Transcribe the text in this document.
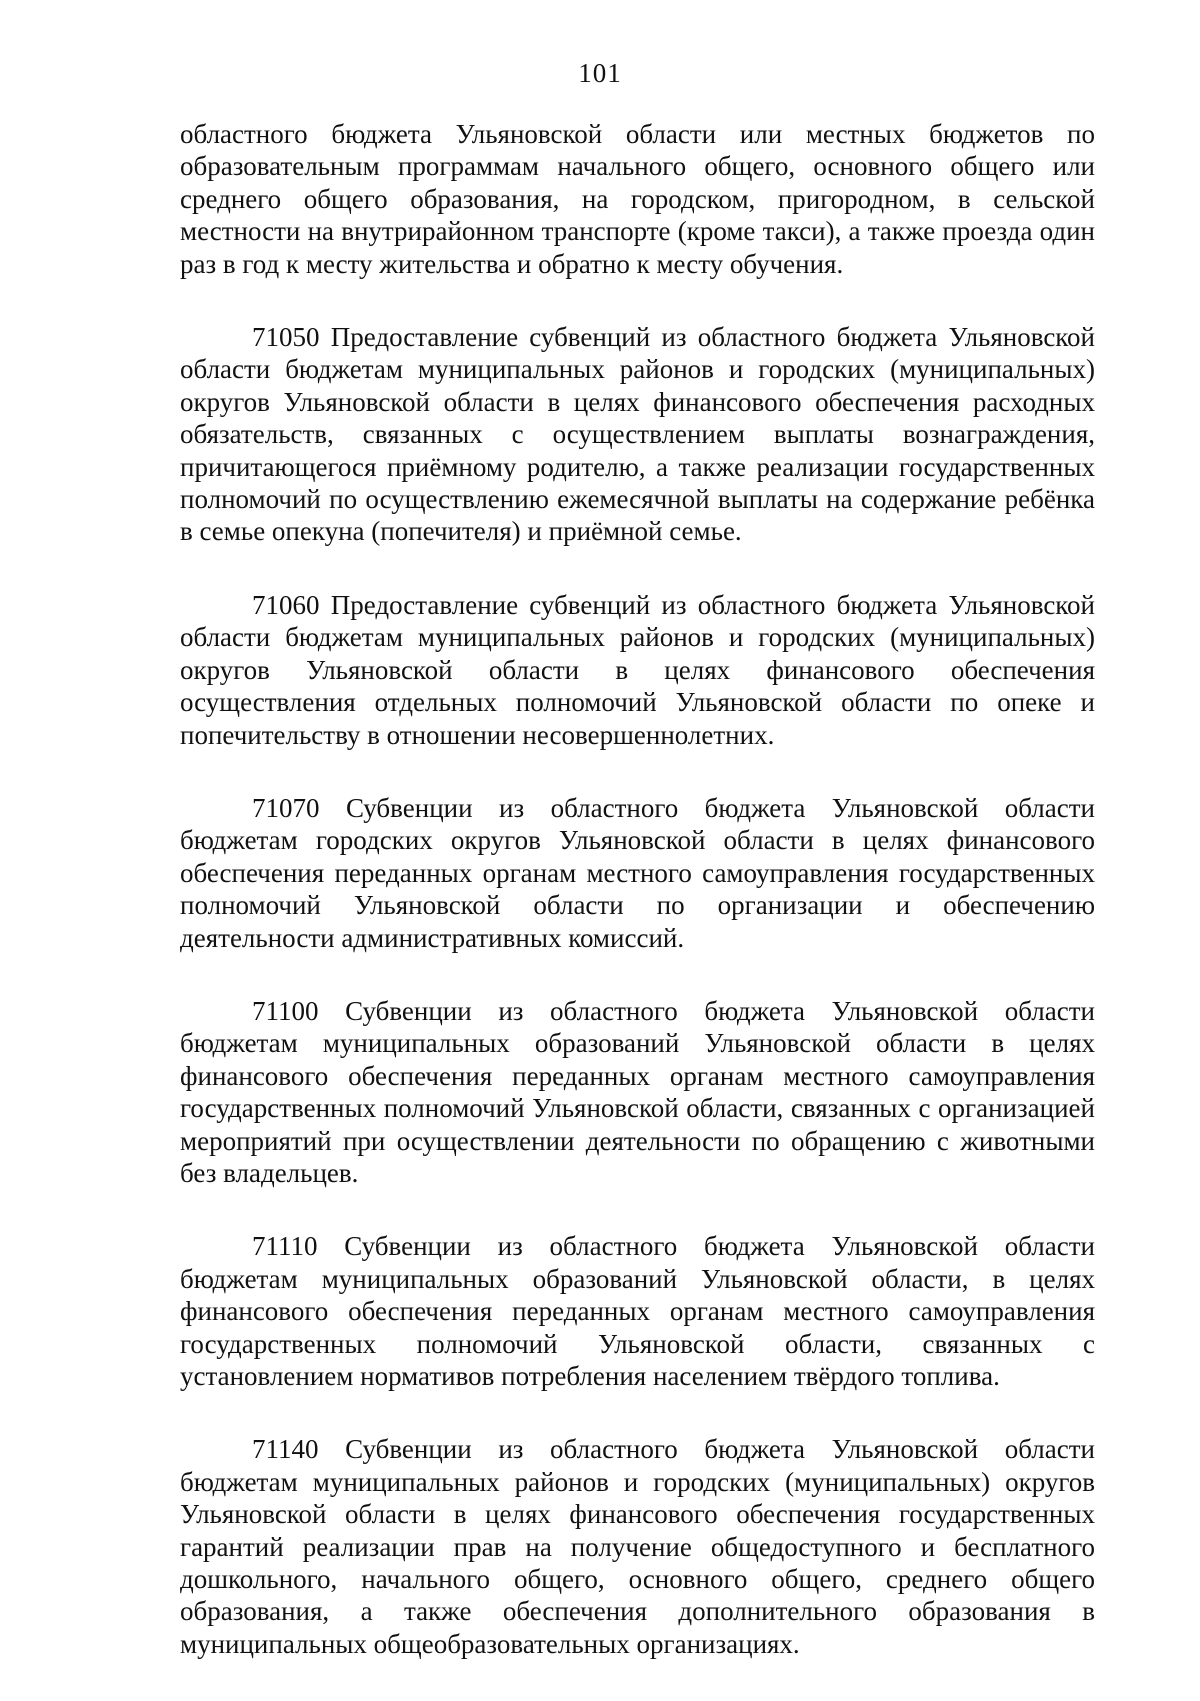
101

областного бюджета Ульяновской области или местных бюджетов по образовательным программам начального общего, основного общего или среднего общего образования, на городском, пригородном, в сельской местности на внутрирайонном транспорте (кроме такси), а также проезда один раз в год к месту жительства и обратно к месту обучения.

71050 Предоставление субвенций из областного бюджета Ульяновской области бюджетам муниципальных районов и городских (муниципальных) округов Ульяновской области в целях финансового обеспечения расходных обязательств, связанных с осуществлением выплаты вознаграждения, причитающегося приёмному родителю, а также реализации государственных полномочий по осуществлению ежемесячной выплаты на содержание ребёнка в семье опекуна (попечителя) и приёмной семье.

71060 Предоставление субвенций из областного бюджета Ульяновской области бюджетам муниципальных районов и городских (муниципальных) округов Ульяновской области в целях финансового обеспечения осуществления отдельных полномочий Ульяновской области по опеке и попечительству в отношении несовершеннолетних.

71070 Субвенции из областного бюджета Ульяновской области бюджетам городских округов Ульяновской области в целях финансового обеспечения переданных органам местного самоуправления государственных полномочий Ульяновской области по организации и обеспечению деятельности административных комиссий.

71100 Субвенции из областного бюджета Ульяновской области бюджетам муниципальных образований Ульяновской области в целях финансового обеспечения переданных органам местного самоуправления государственных полномочий Ульяновской области, связанных с организацией мероприятий при осуществлении деятельности по обращению с животными без владельцев.

71110 Субвенции из областного бюджета Ульяновской области бюджетам муниципальных образований Ульяновской области, в целях финансового обеспечения переданных органам местного самоуправления государственных полномочий Ульяновской области, связанных с установлением нормативов потребления населением твёрдого топлива.

71140 Субвенции из областного бюджета Ульяновской области бюджетам муниципальных районов и городских (муниципальных) округов Ульяновской области в целях финансового обеспечения государственных гарантий реализации прав на получение общедоступного и бесплатного дошкольного, начального общего, основного общего, среднего общего образования, а также обеспечения дополнительного образования в муниципальных общеобразовательных организациях.
